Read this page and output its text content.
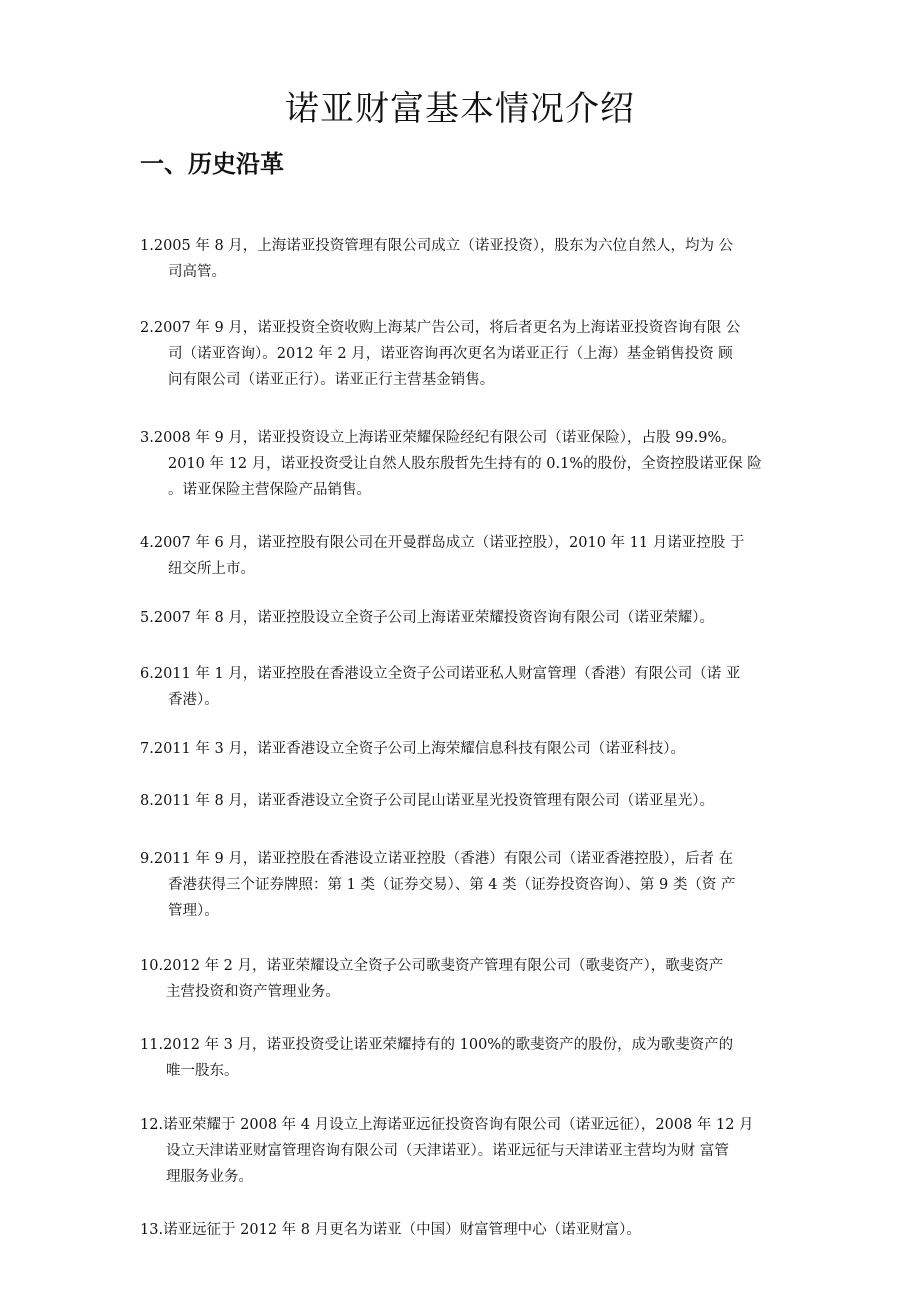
诺亚财富基本情况介绍
一、历史沿革
1.2005 年 8 月，上海诺亚投资管理有限公司成立（诺亚投资），股东为六位自然人，均为 公
司高管。
2.2007 年 9 月，诺亚投资全资收购上海某广告公司，将后者更名为上海诺亚投资咨询有限 公
司（诺亚咨询）。2012 年 2 月，诺亚咨询再次更名为诺亚正行（上海）基金销售投资 顾
问有限公司（诺亚正行）。诺亚正行主营基金销售。
3.2008 年 9 月，诺亚投资设立上海诺亚荣耀保险经纪有限公司（诺亚保险），占股 99.9%。
2010 年 12 月，诺亚投资受让自然人股东殷哲先生持有的 0.1%的股份，全资控股诺亚保 险
。诺亚保险主营保险产品销售。
4.2007 年 6 月，诺亚控股有限公司在开曼群岛成立（诺亚控股），2010 年 11 月诺亚控股 于
纽交所上市。
5.2007 年 8 月，诺亚控股设立全资子公司上海诺亚荣耀投资咨询有限公司（诺亚荣耀）。
6.2011 年 1 月，诺亚控股在香港设立全资子公司诺亚私人财富管理（香港）有限公司（诺 亚
香港）。
7.2011 年 3 月，诺亚香港设立全资子公司上海荣耀信息科技有限公司（诺亚科技）。
8.2011 年 8 月，诺亚香港设立全资子公司昆山诺亚星光投资管理有限公司（诺亚星光）。
9.2011 年 9 月，诺亚控股在香港设立诺亚控股（香港）有限公司（诺亚香港控股），后者 在
香港获得三个证券牌照：第 1 类（证券交易）、第 4 类（证券投资咨询）、第 9 类（资 产
管理）。
10.2012 年 2 月，诺亚荣耀设立全资子公司歌斐资产管理有限公司（歌斐资产），歌斐资产
主营投资和资产管理业务。
11.2012 年 3 月，诺亚投资受让诺亚荣耀持有的 100%的歌斐资产的股份，成为歌斐资产的
唯一股东。
12.诺亚荣耀于 2008 年 4 月设立上海诺亚远征投资咨询有限公司（诺亚远征），2008 年 12 月
设立天津诺亚财富管理咨询有限公司（天津诺亚）。诺亚远征与天津诺亚主营均为财 富管
理服务业务。
13.诺亚远征于 2012 年 8 月更名为诺亚（中国）财富管理中心（诺亚财富）。
